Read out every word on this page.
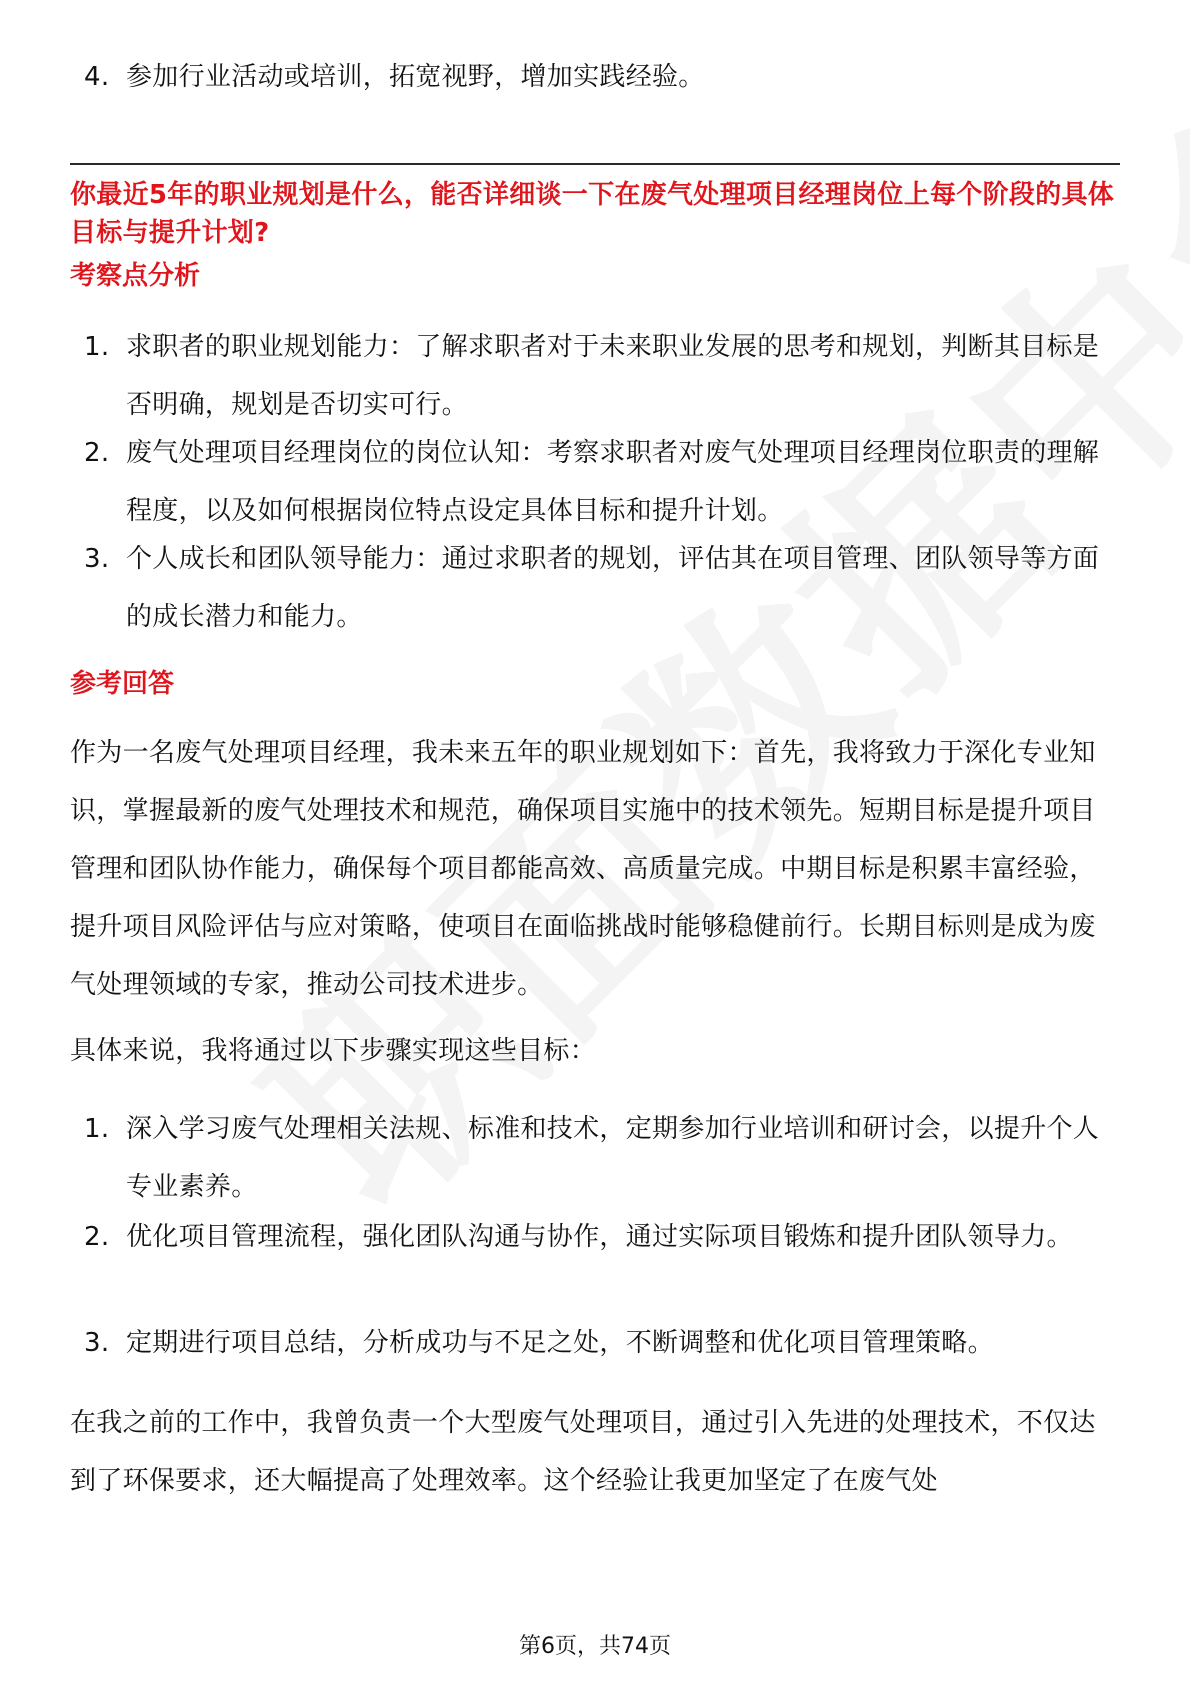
4. 参加行业活动或培训，拓宽视野，增加实践经验。
你最近5年的职业规划是什么，能否详细谈一下在废气处理项目经理岗位上每个阶段的具体目标与提升计划?
考察点分析
1. 求职者的职业规划能力：了解求职者对于未来职业发展的思考和规划，判断其目标是否明确，规划是否切实可行。
2. 废气处理项目经理岗位的岗位认知：考察求职者对废气处理项目经理岗位职责的理解程度，以及如何根据岗位特点设定具体目标和提升计划。
3. 个人成长和团队领导能力：通过求职者的规划，评估其在项目管理、团队领导等方面的成长潜力和能力。
参考回答
作为一名废气处理项目经理，我未来五年的职业规划如下：首先，我将致力于深化专业知识，掌握最新的废气处理技术和规范，确保项目实施中的技术领先。短期目标是提升项目管理和团队协作能力，确保每个项目都能高效、高质量完成。中期目标是积累丰富经验，提升项目风险评估与应对策略，使项目在面临挑战时能够稳健前行。长期目标则是成为废气处理领域的专家，推动公司技术进步。
具体来说，我将通过以下步骤实现这些目标：
1. 深入学习废气处理相关法规、标准和技术，定期参加行业培训和研讨会，以提升个人专业素养。
2. 优化项目管理流程，强化团队沟通与协作，通过实际项目锻炼和提升团队领导力。
3. 定期进行项目总结，分析成功与不足之处，不断调整和优化项目管理策略。
在我之前的工作中，我曾负责一个大型废气处理项目，通过引入先进的处理技术，不仅达到了环保要求，还大幅提高了处理效率。这个经验让我更加坚定了在废气处
第6页，共74页
